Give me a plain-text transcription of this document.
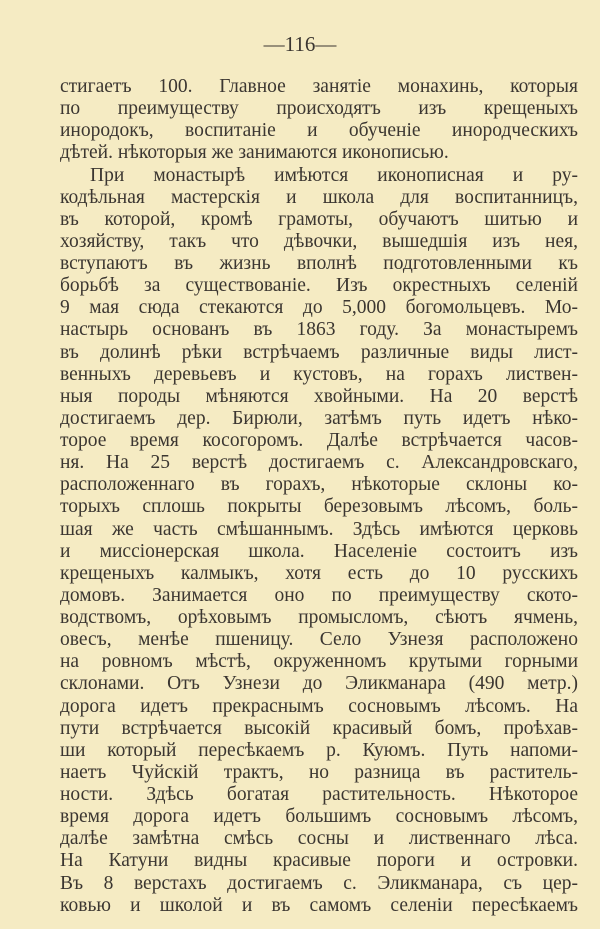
—116—
стигаетъ 100. Главное занятіе монахинь, которыя
по преимуществу происходятъ изъ крещеныхъ
инородокъ, воспитаніе и обученіе инородческихъ
дѣтей. нѣкоторыя же занимаются иконописью.
При монастырѣ имѣются иконописная и ру-
кодѣльная мастерскія и школа для воспитанницъ,
въ которой, кромѣ грамоты, обучаютъ шитью и
хозяйству, такъ что дѣвочки, вышедшія изъ нея,
вступаютъ въ жизнь вполнѣ подготовленными къ
борьбѣ за существованіе. Изъ окрестныхъ селеній
9 мая сюда стекаются до 5,000 богомольцевъ. Мо-
настырь основанъ въ 1863 году. За монастыремъ
въ долинѣ рѣки встрѣчаемъ различные виды лист-
венныхъ деревьевъ и кустовъ, на горахъ листвен-
ныя породы мѣняются хвойными. На 20 верстѣ
достигаемъ дер. Бирюли, затѣмъ путь идетъ нѣко-
торое время косогоромъ. Далѣе встрѣчается часов-
ня. На 25 верстѣ достигаемъ с. Александровскаго,
расположеннаго въ горахъ, нѣкоторые склоны ко-
торыхъ сплошь покрыты березовымъ лѣсомъ, боль-
шая же часть смѣшаннымъ. Здѣсь имѣются церковь
и миссіонерская школа. Населеніе состоитъ изъ
крещеныхъ калмыкъ, хотя есть до 10 русскихъ
домовъ. Занимается оно по преимуществу ското-
водствомъ, орѣховымъ промысломъ, сѣютъ ячмень,
овесъ, менѣе пшеницу. Село Узнезя расположено
на ровномъ мѣстѣ, окруженномъ крутыми горными
склонами. Отъ Узнези до Эликманара (490 метр.)
дорога идетъ прекраснымъ сосновымъ лѣсомъ. На
пути встрѣчается высокій красивый бомъ, проѣхав-
ши который пересѣкаемъ р. Куюмъ. Путь напоми-
наетъ Чуйскій трактъ, но разница въ раститель-
ности. Здѣсь богатая растительность. Нѣкоторое
время дорога идетъ большимъ сосновымъ лѣсомъ,
далѣе замѣтна смѣсь сосны и лиственнаго лѣса.
На Катуни видны красивые пороги и островки.
Въ 8 верстахъ достигаемъ с. Эликманара, съ цер-
ковью и школой и въ самомъ селеніи пересѣкаемъ
